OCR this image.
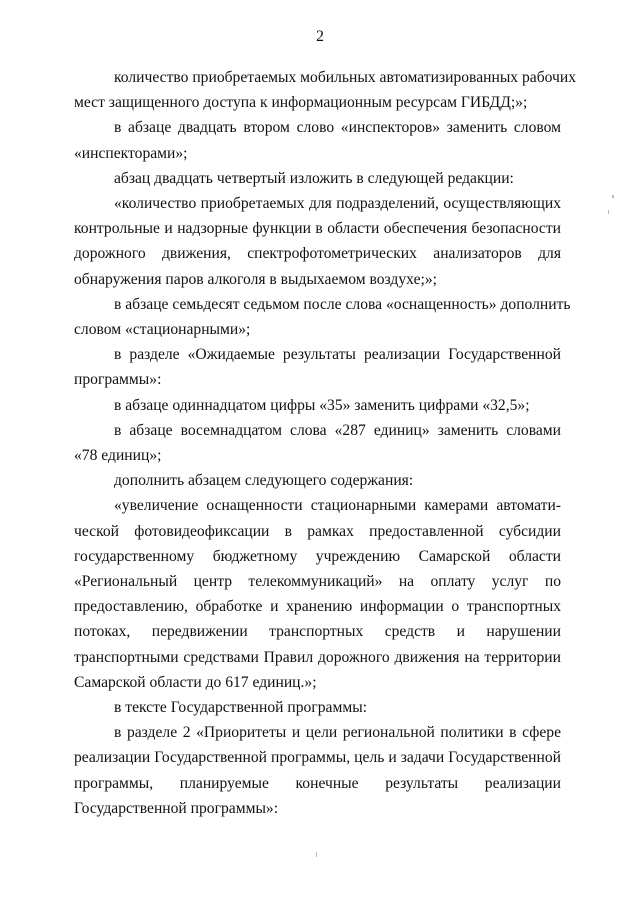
2
количество приобретаемых мобильных автоматизированных рабочих
мест защищенного доступа к информационным ресурсам ГИБДД;»;
в абзаце двадцать втором слово «инспекторов» заменить словом
«инспекторами»;
абзац двадцать четвертый изложить в следующей редакции:
«количество приобретаемых для подразделений, осуществляющих
контрольные и надзорные функции в области обеспечения безопасности
дорожного движения, спектрофотометрических анализаторов для
обнаружения паров алкоголя в выдыхаемом воздухе;»;
в абзаце семьдесят седьмом после слова «оснащенность» дополнить
словом «стационарными»;
в разделе «Ожидаемые результаты реализации Государственной
программы»:
в абзаце одиннадцатом цифры «35» заменить цифрами «32,5»;
в абзаце восемнадцатом слова «287 единиц» заменить словами
«78 единиц»;
дополнить абзацем следующего содержания:
«увеличение оснащенности стационарными камерами автомати-
ческой фотовидеофиксации в рамках предоставленной субсидии
государственному бюджетному учреждению Самарской области
«Региональный центр телекоммуникаций» на оплату услуг по
предоставлению, обработке и хранению информации о транспортных
потоках, передвижении транспортных средств и нарушении
транспортными средствами Правил дорожного движения на территории
Самарской области до 617 единиц.»;
в тексте Государственной программы:
в разделе 2 «Приоритеты и цели региональной политики в сфере
реализации Государственной программы, цель и задачи Государственной
программы, планируемые конечные результаты реализации
Государственной программы»:
